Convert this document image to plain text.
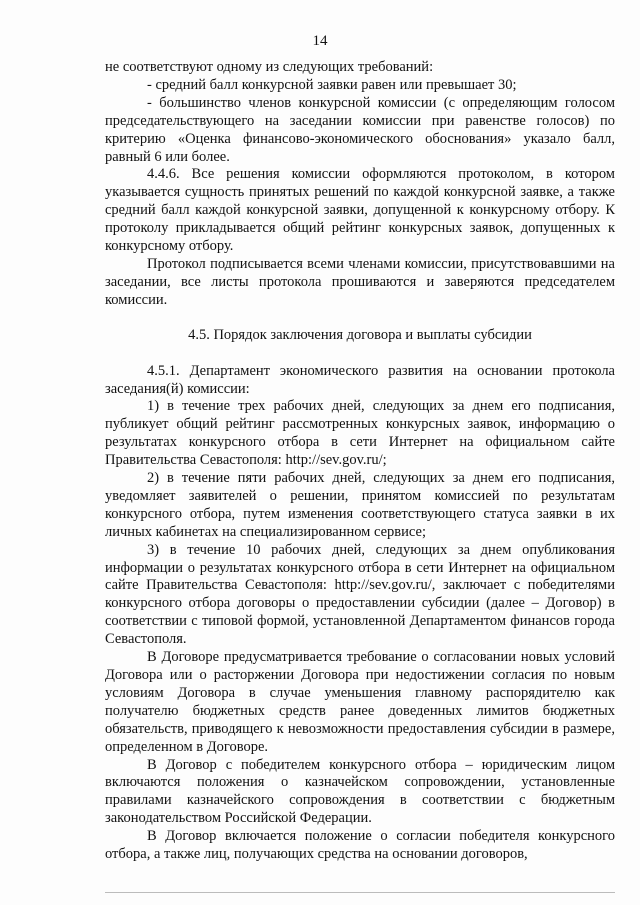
14

не соответствуют одному из следующих требований:

- средний балл конкурсной заявки равен или превышает 30;

- большинство членов конкурсной комиссии (с определяющим голосом председательствующего на заседании комиссии при равенстве голосов) по критерию «Оценка финансово-экономического обоснования» указало балл, равный 6 или более.

4.4.6. Все решения комиссии оформляются протоколом, в котором указывается сущность принятых решений по каждой конкурсной заявке, а также средний балл каждой конкурсной заявки, допущенной к конкурсному отбору. К протоколу прикладывается общий рейтинг конкурсных заявок, допущенных к конкурсному отбору.

Протокол подписывается всеми членами комиссии, присутствовавшими на заседании, все листы протокола прошиваются и заверяются председателем комиссии.

4.5. Порядок заключения договора и выплаты субсидии

4.5.1. Департамент экономического развития на основании протокола заседания(й) комиссии:

1) в течение трех рабочих дней, следующих за днем его подписания, публикует общий рейтинг рассмотренных конкурсных заявок, информацию о результатах конкурсного отбора в сети Интернет на официальном сайте Правительства Севастополя: http://sev.gov.ru/;

2) в течение пяти рабочих дней, следующих за днем его подписания, уведомляет заявителей о решении, принятом комиссией по результатам конкурсного отбора, путем изменения соответствующего статуса заявки в их личных кабинетах на специализированном сервисе;

3) в течение 10 рабочих дней, следующих за днем опубликования информации о результатах конкурсного отбора в сети Интернет на официальном сайте Правительства Севастополя: http://sev.gov.ru/, заключает с победителями конкурсного отбора договоры о предоставлении субсидии (далее – Договор) в соответствии с типовой формой, установленной Департаментом финансов города Севастополя.

В Договоре предусматривается требование о согласовании новых условий Договора или о расторжении Договора при недостижении согласия по новым условиям Договора в случае уменьшения главному распорядителю как получателю бюджетных средств ранее доведенных лимитов бюджетных обязательств, приводящего к невозможности предоставления субсидии в размере, определенном в Договоре.

В Договор с победителем конкурсного отбора – юридическим лицом включаются положения о казначейском сопровождении, установленные правилами казначейского сопровождения в соответствии с бюджетным законодательством Российской Федерации.

В Договор включается положение о согласии победителя конкурсного отбора, а также лиц, получающих средства на основании договоров,
